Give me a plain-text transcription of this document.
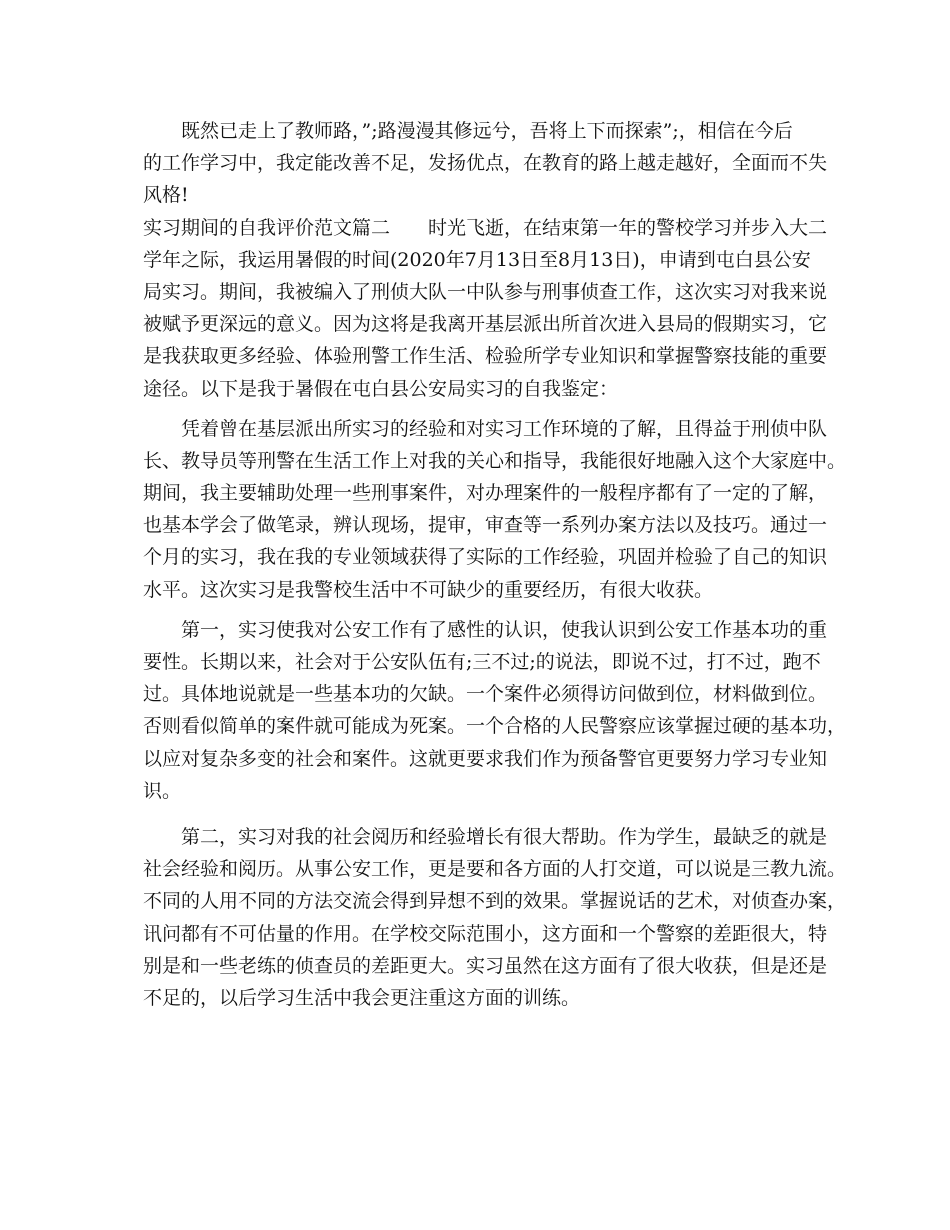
既然已走上了教师路，”;路漫漫其修远兮，吾将上下而探索”;，相信在今后
的工作学习中，我定能改善不足，发扬优点，在教育的路上越走越好，全面而不失
风格!
实习期间的自我评价范文篇二　　时光飞逝，在结束第一年的警校学习并步入大二
学年之际，我运用暑假的时间(2020年7月13日至8月13日)，申请到屯白县公安
局实习。期间，我被编入了刑侦大队一中队参与刑事侦查工作，这次实习对我来说
被赋予更深远的意义。因为这将是我离开基层派出所首次进入县局的假期实习，它
是我获取更多经验、体验刑警工作生活、检验所学专业知识和掌握警察技能的重要
途径。以下是我于暑假在屯白县公安局实习的自我鉴定：
凭着曾在基层派出所实习的经验和对实习工作环境的了解，且得益于刑侦中队
长、教导员等刑警在生活工作上对我的关心和指导，我能很好地融入这个大家庭中。
期间，我主要辅助处理一些刑事案件，对办理案件的一般程序都有了一定的了解，
也基本学会了做笔录，辨认现场，提审，审查等一系列办案方法以及技巧。通过一
个月的实习，我在我的专业领域获得了实际的工作经验，巩固并检验了自己的知识
水平。这次实习是我警校生活中不可缺少的重要经历，有很大收获。
第一，实习使我对公安工作有了感性的认识，使我认识到公安工作基本功的重
要性。长期以来，社会对于公安队伍有;三不过;的说法，即说不过，打不过，跑不
过。具体地说就是一些基本功的欠缺。一个案件必须得访问做到位，材料做到位。
否则看似简单的案件就可能成为死案。一个合格的人民警察应该掌握过硬的基本功，
以应对复杂多变的社会和案件。这就更要求我们作为预备警官更要努力学习专业知
识。
第二，实习对我的社会阅历和经验增长有很大帮助。作为学生，最缺乏的就是
社会经验和阅历。从事公安工作，更是要和各方面的人打交道，可以说是三教九流。
不同的人用不同的方法交流会得到异想不到的效果。掌握说话的艺术，对侦查办案，
讯问都有不可估量的作用。在学校交际范围小，这方面和一个警察的差距很大，特
别是和一些老练的侦查员的差距更大。实习虽然在这方面有了很大收获，但是还是
不足的，以后学习生活中我会更注重这方面的训练。
